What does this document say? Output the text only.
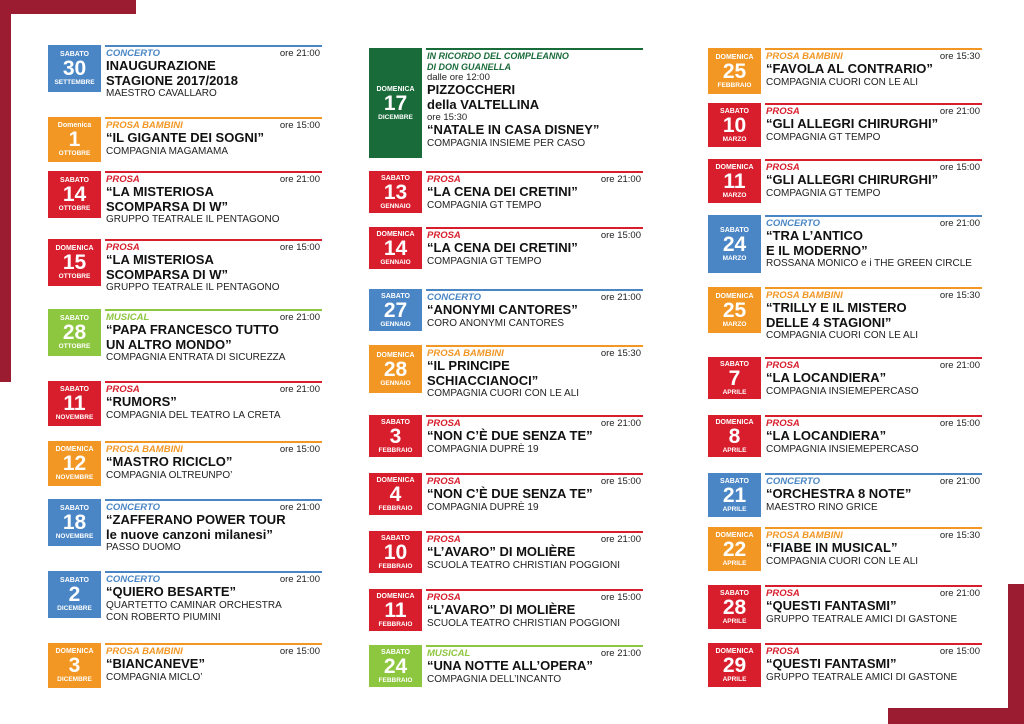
SABATO
30
SETTEMBRE
CONCERTO	ore 21:00
INAUGURAZIONE
STAGIONE 2017/2018
MAESTRO CAVALLARO
Domenica
1
OTTOBRE
PROSA BAMBINI	ore 15:00
“IL GIGANTE DEI SOGNI”
COMPAGNIA MAGAMAMA
SABATO
14
OTTOBRE
PROSA	ore 21:00
“LA MISTERIOSA
SCOMPARSA DI W”
GRUPPO TEATRALE IL PENTAGONO
DOMENICA
15
OTTOBRE
PROSA	ore 15:00
“LA MISTERIOSA
SCOMPARSA DI W”
GRUPPO TEATRALE IL PENTAGONO
SABATO
28
OTTOBRE
MUSICAL	ore 21:00
“PAPA FRANCESCO TUTTO
UN ALTRO MONDO”
COMPAGNIA ENTRATA DI SICUREZZA
SABATO
11
NOVEMBRE
PROSA	ore 21:00
“RUMORS”
COMPAGNIA DEL TEATRO LA CRETA
DOMENICA
12
NOVEMBRE
PROSA BAMBINI	ore 15:00
“MASTRO RICICLO”
COMPAGNIA OLTREUNPO’
SABATO
18
NOVEMBRE
CONCERTO	ore 21:00
“ZAFFERANO POWER TOUR
le nuove canzoni milanesi”
PASSO DUOMO
SABATO
2
DICEMBRE
CONCERTO	ore 21:00
“QUIERO BESARTE”
QUARTETTO CAMINAR ORCHESTRA
CON ROBERTO PIUMINI
DOMENICA
3
DICEMBRE
PROSA BAMBINI	ore 15:00
“BIANCANEVE”
COMPAGNIA MICLO’
DOMENICA
17
DICEMBRE
IN RICORDO DEL COMPLEANNO
DI DON GUANELLA
dalle ore 12:00
PIZZOCCHERI
della VALTELLINA
ore 15:30
“NATALE IN CASA DISNEY”
COMPAGNIA INSIEME PER CASO
SABATO
13
GENNAIO
PROSA	ore 21:00
“LA CENA DEI CRETINI”
COMPAGNIA GT TEMPO
DOMENICA
14
GENNAIO
PROSA	ore 15:00
“LA CENA DEI CRETINI”
COMPAGNIA GT TEMPO
SABATO
27
GENNAIO
CONCERTO	ore 21:00
“ANONYMI CANTORES”
CORO ANONYMI CANTORES
DOMENICA
28
GENNAIO
PROSA BAMBINI	ore 15:30
“IL PRINCIPE
SCHIACCIANOCI”
COMPAGNIA CUORI CON LE ALI
SABATO
3
FEBBRAIO
PROSA	ore 21:00
“NON C’È DUE SENZA TE”
COMPAGNIA DUPRÈ 19
DOMENICA
4
FEBBRAIO
PROSA	ore 15:00
“NON C’È DUE SENZA TE”
COMPAGNIA DUPRÈ 19
SABATO
10
FEBBRAIO
PROSA	ore 21:00
“L’AVARO” DI MOLIÈRE
SCUOLA TEATRO CHRISTIAN POGGIONI
DOMENICA
11
FEBBRAIO
PROSA	ore 15:00
“L’AVARO” DI MOLIÈRE
SCUOLA TEATRO CHRISTIAN POGGIONI
SABATO
24
FEBBRAIO
MUSICAL	ore 21:00
“UNA NOTTE ALL’OPERA”
COMPAGNIA DELL’INCANTO
DOMENICA
25
FEBBRAIO
PROSA BAMBINI	ore 15:30
“FAVOLA AL CONTRARIO”
COMPAGNIA CUORI CON LE ALI
SABATO
10
MARZO
PROSA	ore 21:00
“GLI ALLEGRI CHIRURGHI”
COMPAGNIA GT TEMPO
DOMENICA
11
MARZO
PROSA	ore 15:00
“GLI ALLEGRI CHIRURGHI”
COMPAGNIA GT TEMPO
SABATO
24
MARZO
CONCERTO	ore 21:00
“TRA L’ANTICO
E IL MODERNO”
ROSSANA MONICO e i THE GREEN CIRCLE
DOMENICA
25
MARZO
PROSA BAMBINI	ore 15:30
“TRILLY E IL MISTERO
DELLE 4 STAGIONI”
COMPAGNIA CUORI CON LE ALI
SABATO
7
APRILE
PROSA	ore 21:00
“LA LOCANDIERA”
COMPAGNIA INSIEMEPERCASO
DOMENICA
8
APRILE
PROSA	ore 15:00
“LA LOCANDIERA”
COMPAGNIA INSIEMEPERCASO
SABATO
21
APRILE
CONCERTO	ore 21:00
“ORCHESTRA 8 NOTE”
MAESTRO RINO GRICE
DOMENICA
22
APRILE
PROSA BAMBINI	ore 15:30
“FIABE IN MUSICAL”
COMPAGNIA CUORI CON LE ALI
SABATO
28
APRILE
PROSA	ore 21:00
“QUESTI FANTASMI”
GRUPPO TEATRALE AMICI DI GASTONE
DOMENICA
29
APRILE
PROSA	ore 15:00
“QUESTI FANTASMI”
GRUPPO TEATRALE AMICI DI GASTONE
